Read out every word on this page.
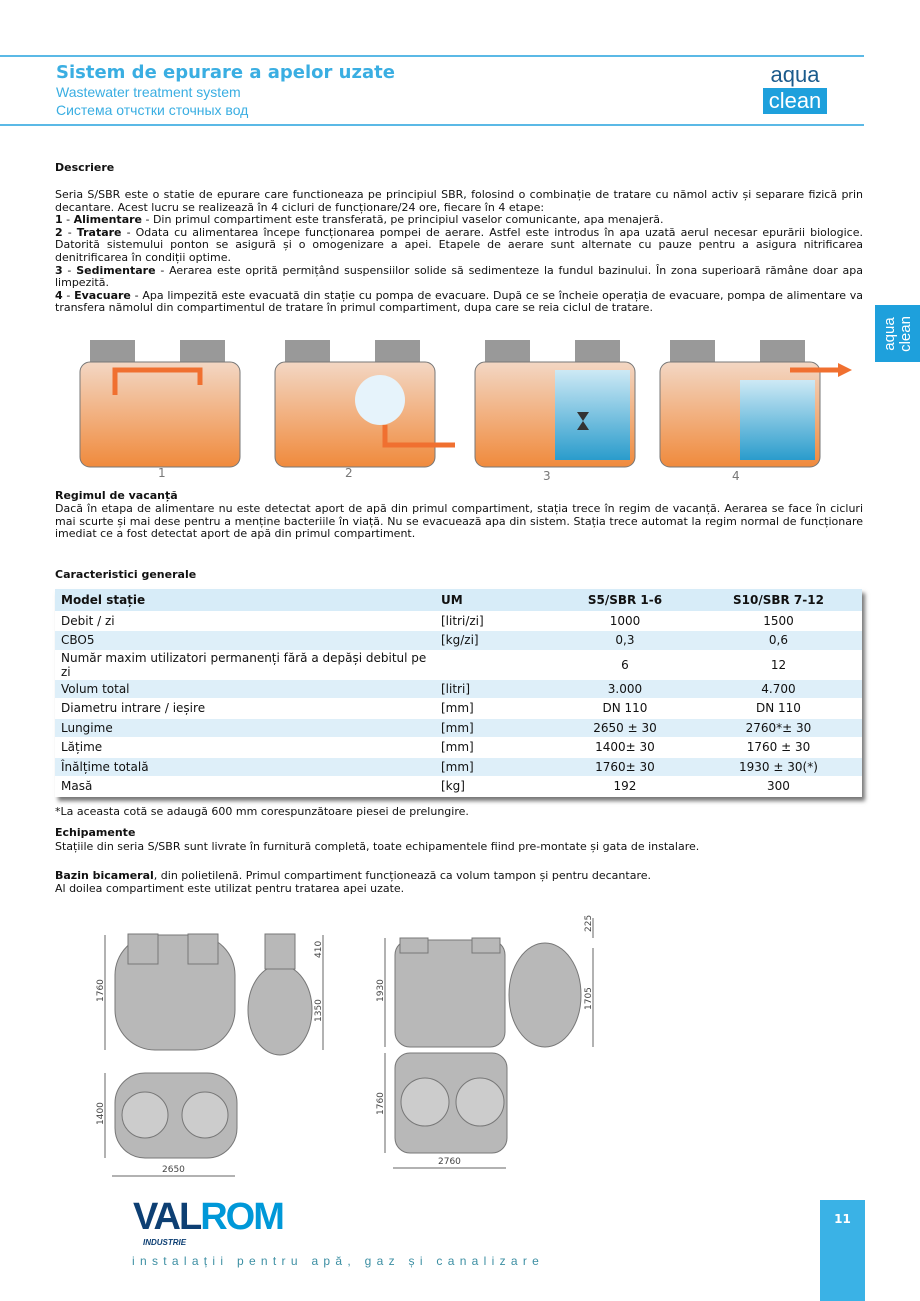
Sistem de epurare a apelor uzate
Wastewater treatment system
Система отчстки сточных вод
aqua
clean
aqua
clean
Descriere

Seria S/SBR este o statie de epurare care functioneaza pe principiul SBR, folosind o combinație de tratare cu nămol activ și separare fizică prin decantare. Acest lucru se realizează în 4 cicluri de funcționare/24 ore, fiecare în 4 etape:

1 - Alimentare - Din primul compartiment este transferată, pe principiul vaselor comunicante, apa menajeră.

2 - Tratare - Odata cu alimentarea începe funcționarea pompei de aerare. Astfel este introdus în apa uzată aerul necesar epurării biologice. Datorită sistemului ponton se asigură și o omogenizare a apei. Etapele de aerare sunt alternate cu pauze pentru a asigura nitrificarea denitrificarea în condiții optime.

3 - Sedimentare - Aerarea este oprită permițând suspensiilor solide să sedimenteze la fundul bazinului. În zona superioară rămâne doar apa limpezită.

4 - Evacuare - Apa limpezită este evacuată din stație cu pompa de evacuare. După ce se încheie operația de evacuare, pompa de alimentare va transfera nămolul din compartimentul de tratare în primul compartiment, dupa care se reia ciclul de tratare.

1	2	3	4
Regimul de vacanță
Dacă în etapa de alimentare nu este detectat aport de apă din primul compartiment, stația trece în regim de vacanță. Aerarea se face în cicluri mai scurte și mai dese pentru a menține bacteriile în viață. Nu se evacuează apa din sistem. Stația trece automat la regim normal de funcționare imediat ce a fost detectat aport de apă din primul compartiment.
Caracteristici generale
Model stație	UM	S5/SBR 1-6	S10/SBR 7-12
Debit / zi	[litri/zi]	1000	1500
CBO5	[kg/zi]	0,3	0,6
Număr maxim utilizatori permanenți fără a depăși debitul pe zi		6	12
Volum total	[litri]	3.000	4.700
Diametru intrare / ieșire	[mm]	DN 110	DN 110
Lungime	[mm]	2650 ± 30	2760*± 30
Lățime	[mm]	1400± 30	1760 ± 30
Înălțime totală	[mm]	1760± 30	1930 ± 30(*)
Masă	[kg]	192	300
*La aceasta cotă se adaugă 600 mm corespunzătoare piesei de prelungire.
Echipamente
Stațiile din seria S/SBR sunt livrate în furnitură completă, toate echipamentele fiind pre-montate și gata de instalare.
Bazin bicameral, din polietilenă. Primul compartiment funcționează ca volum tampon și pentru decantare.
Al doilea compartiment este utilizat pentru tratarea apei uzate.
1760
1400
2650
410
1350
1930
1760
2760
225
1705
VALROM
INDUSTRIE
instalații pentru apă, gaz și canalizare
11
